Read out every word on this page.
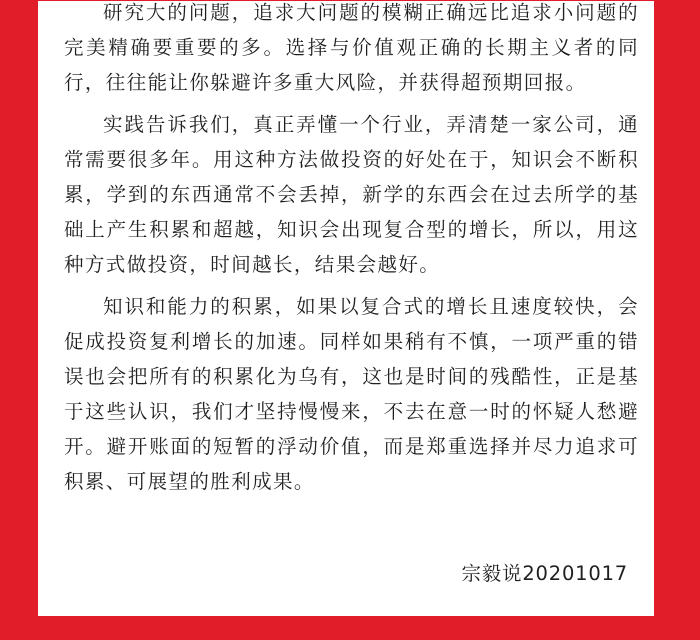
研究大的问题，追求大问题的模糊正确远比追求小问题的完美精确要重要的多。选择与价值观正确的长期主义者的同行，往往能让你躲避许多重大风险，并获得超预期回报。

实践告诉我们，真正弄懂一个行业，弄清楚一家公司，通常需要很多年。用这种方法做投资的好处在于，知识会不断积累，学到的东西通常不会丢掉，新学的东西会在过去所学的基础上产生积累和超越，知识会出现复合型的增长，所以，用这种方式做投资，时间越长，结果会越好。

知识和能力的积累，如果以复合式的增长且速度较快，会促成投资复利增长的加速。同样如果稍有不慎，一项严重的错误也会把所有的积累化为乌有，这也是时间的残酷性，正是基于这些认识，我们才坚持慢慢来，不去在意一时的怀疑人愁避开。避开账面的短暂的浮动价值，而是郑重选择并尽力追求可积累、可展望的胜利成果。

宗毅说20201017
